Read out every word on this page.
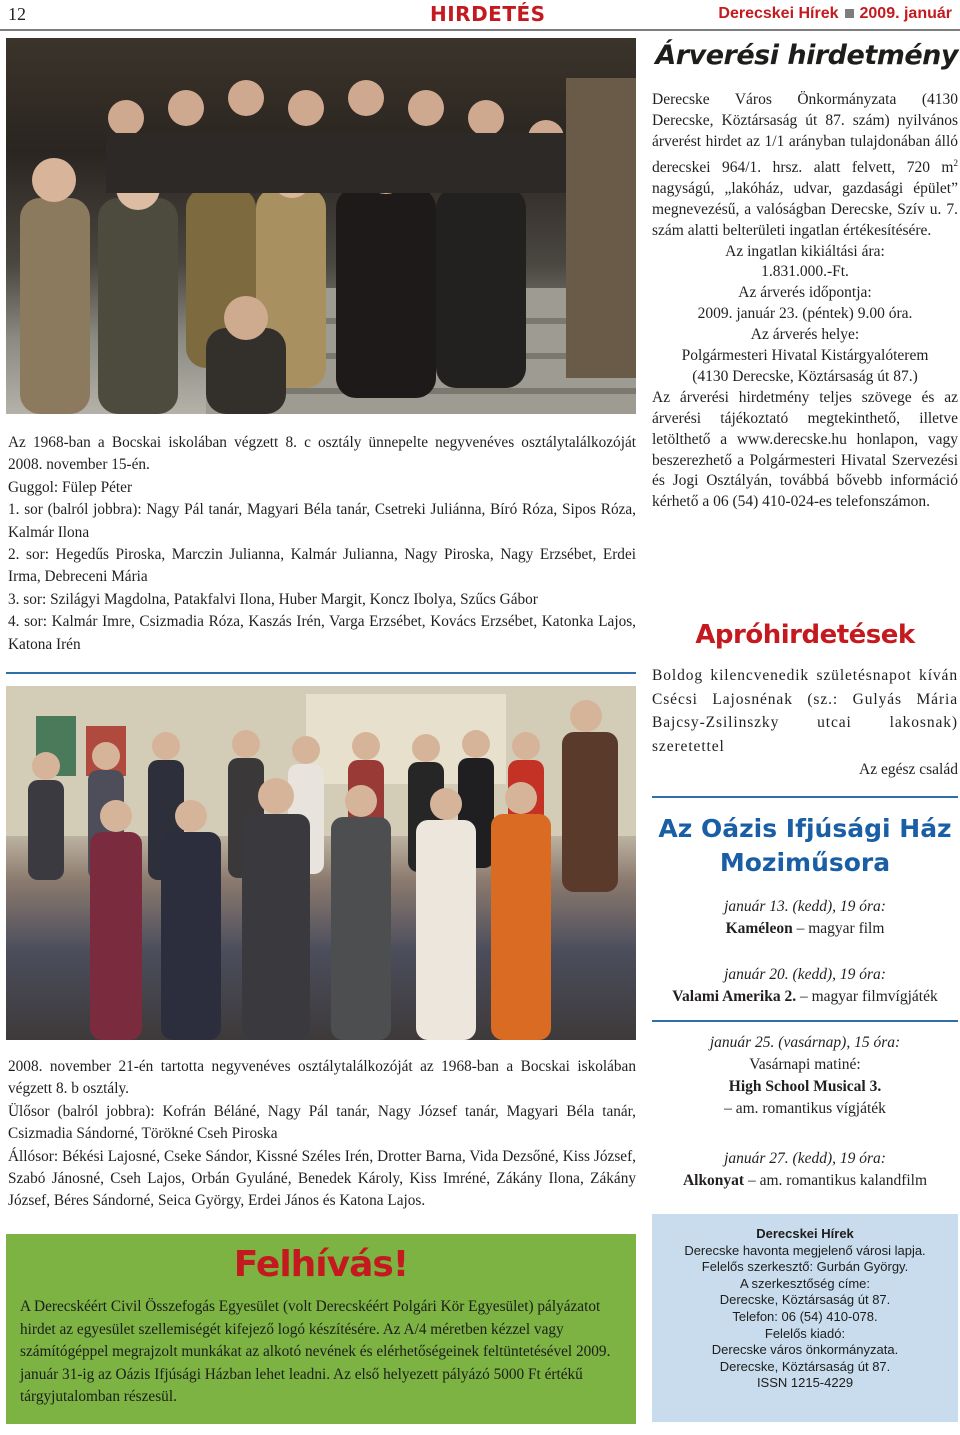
12	HIRDETÉS	Derecskei Hírek 2009. január

Az 1968-ban a Bocskai iskolában végzett 8. c osztály ünnepelte negyvenéves osztálytalálkozóját 2008. november 15-én.

Guggol: Fülep Péter

1. sor (balról jobbra): Nagy Pál tanár, Magyari Béla tanár, Csetreki Juliánna, Bíró Róza, Sipos Róza, Kalmár Ilona

2. sor: Hegedűs Piroska, Marczin Julianna, Kalmár Julianna, Nagy Piroska, Nagy Erzsébet, Erdei Irma, Debreceni Mária

3. sor: Szilágyi Magdolna, Patakfalvi Ilona, Huber Margit, Koncz Ibolya, Szűcs Gábor

4. sor: Kalmár Imre, Csizmadia Róza, Kaszás Irén, Varga Erzsébet, Kovács Erzsébet, Katonka Lajos, Katona Irén

2008. november 21-én tartotta negyvenéves osztálytalálkozóját az 1968-ban a Bocskai iskolában végzett 8. b osztály.

Ülősor (balról jobbra): Kofrán Béláné, Nagy Pál tanár, Nagy József tanár, Magyari Béla tanár, Csizmadia Sándorné, Törökné Cseh Piroska

Állósor: Békési Lajosné, Cseke Sándor, Kissné Széles Irén, Drotter Barna, Vida Dezsőné, Kiss József, Szabó Jánosné, Cseh Lajos, Orbán Gyuláné, Benedek Károly, Kiss Imréné, Zákány Ilona, Zákány József, Béres Sándorné, Seica György, Erdei János és Katona Lajos.

Felhívás!
A Derecskéért Civil Összefogás Egyesület (volt Derecskéért Polgári Kör Egyesület) pályázatot hirdet az egyesület szellemiségét kifejező logó készítésére. Az A/4 méretben kézzel vagy számítógéppel megrajzolt munkákat az alkotó nevének és elérhetőségeinek feltüntetésével 2009. január 31-ig az Oázis Ifjúsági Házban lehet leadni. Az első helyezett pályázó 5000 Ft értékű tárgyjutalomban részesül.
Árverési hirdetmény

Derecske Város Önkormányzata (4130 Derecske, Köztársaság út 87. szám) nyilvános árverést hirdet az 1/1 arányban tulajdonában álló derecskei 964/1. hrsz. alatt felvett, 720 $m^2$ nagyságú, „lakóház, udvar, gazdasági épület” megnevezésű, a valóságban Derecske, Szív u. 7. szám alatti belterületi ingatlan értékesítésére.

Az ingatlan kikiáltási ára:

1.831.000.-Ft.

Az árverés időpontja:

2009. január 23. (péntek) 9.00 óra.

Az árverés helye:

Polgármesteri Hivatal Kistárgyalóterem

(4130 Derecske, Köztársaság út 87.)

Az árverési hirdetmény teljes szövege és az árverési tájékoztató megtekinthető, illetve letölthető a www.derecske.hu honlapon, vagy beszerezhető a Polgármesteri Hivatal Szervezési és Jogi Osztályán, továbbá bővebb információ kérhető a 06 (54) 410-024-es telefonszámon.

Apróhirdetések

Boldog kilencvenedik születésnapot kíván Csécsi Lajosnénak (sz.: Gulyás Mária Bajcsy-Zsilinszky utcai lakosnak) szeretettel

Az egész család

Az Oázis Ifjúsági Ház
Moziműsora
január 13. (kedd), 19 óra:
Kaméleon – magyar film
január 20. (kedd), 19 óra:
Valami Amerika 2. – magyar filmvígjáték
január 25. (vasárnap), 15 óra:
Vasárnapi matiné:
High School Musical 3.
– am. romantikus vígjáték
január 27. (kedd), 19 óra:
Alkonyat – am. romantikus kalandfilm
Derecskei Hírek
Derecske havonta megjelenő városi lapja.
Felelős szerkesztő: Gurbán György.
A szerkesztőség címe:
Derecske, Köztársaság út 87.
Telefon: 06 (54) 410-078.
Felelős kiadó:
Derecske város önkormányzata.
Derecske, Köztársaság út 87.
ISSN 1215-4229
